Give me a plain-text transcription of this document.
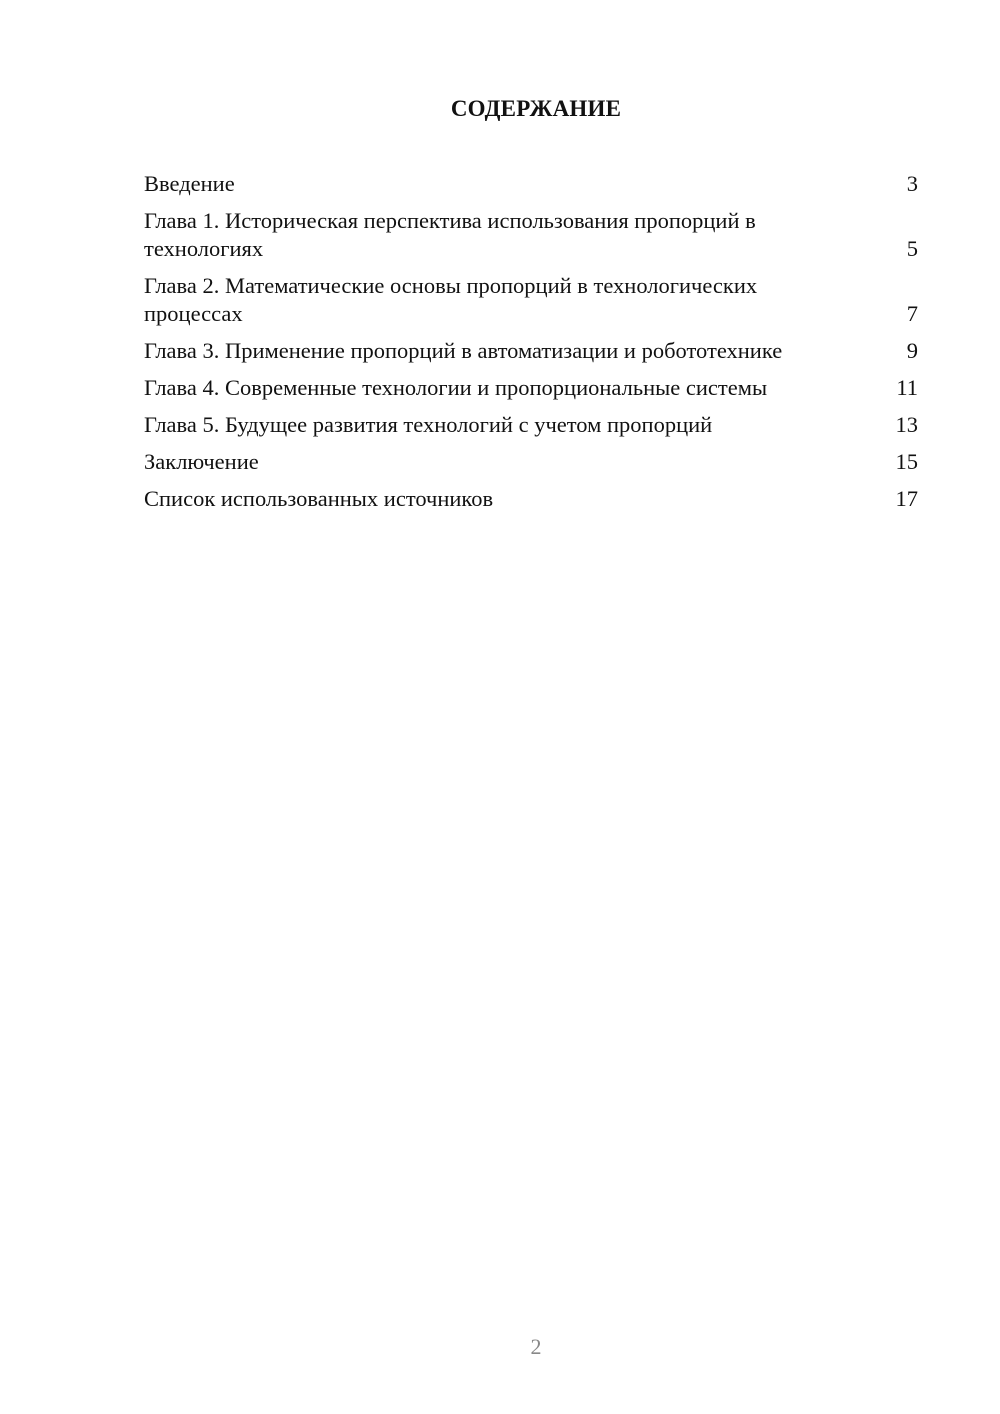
СОДЕРЖАНИЕ
Введение	3
Глава 1. Историческая перспектива использования пропорций в технологиях	5
Глава 2. Математические основы пропорций в технологических процессах	7
Глава 3. Применение пропорций в автоматизации и робототехнике	9
Глава 4. Современные технологии и пропорциональные системы	11
Глава 5. Будущее развития технологий с учетом пропорций	13
Заключение	15
Список использованных источников	17
2
